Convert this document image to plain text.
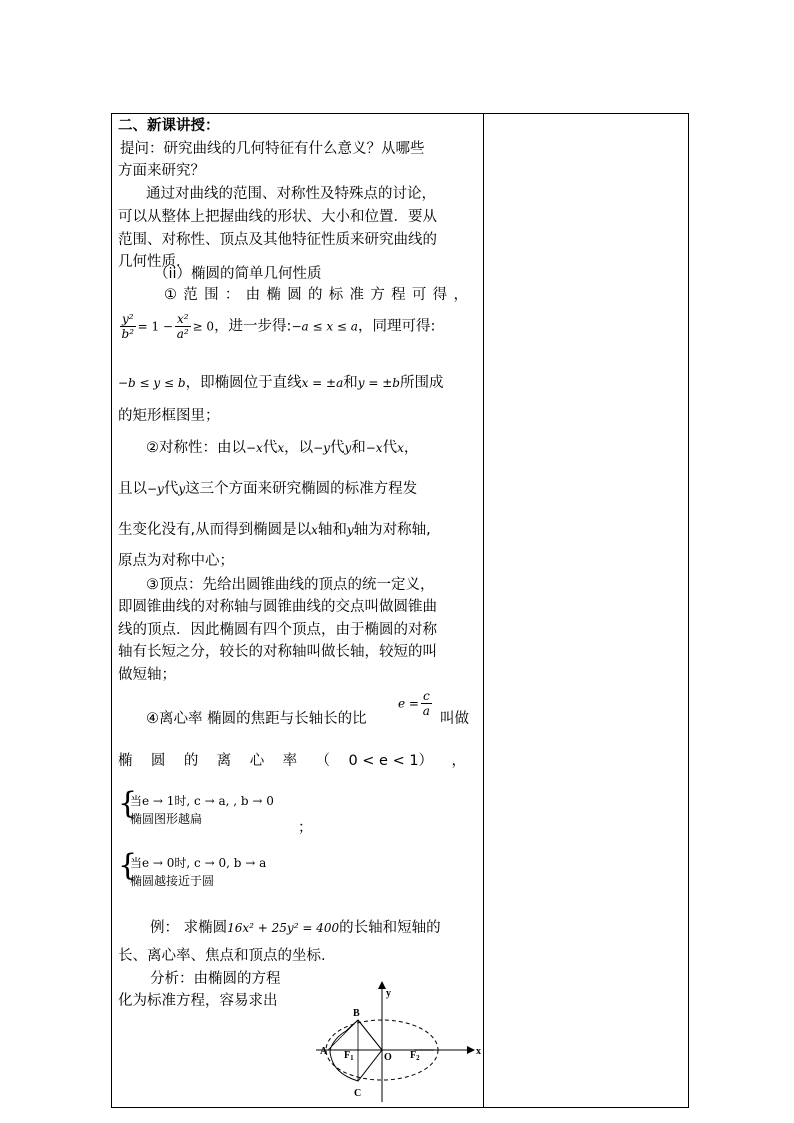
二、新课讲授：
提问：研究曲线的几何特征有什么意义？从哪些
方面来研究？
通过对曲线的范围、对称性及特殊点的讨论，
可以从整体上把握曲线的形状、大小和位置．要从
范围、对称性、顶点及其他特征性质来研究曲线的
几何性质．
（ii）椭圆的简单几何性质
① 范 围 ： 由 椭 圆 的 标 准 方 程 可 得 ，
$\frac{\text{y²}}{\text{b²}} = 1 - \frac{\text{x²}}{\text{a²}} \ge 0$，进一步得:−a ≤ x ≤ a，同理可得:
−b ≤ y ≤ b，即椭圆位于直线x = ±a和y = ±b所围成
的矩形框图里；
②对称性：由以−x代x，以−y代y和−x代x，
且以−y代y这三个方面来研究椭圆的标准方程发
生变化没有,从而得到椭圆是以x轴和y轴为对称轴,
原点为对称中心；
③顶点：先给出圆锥曲线的顶点的统一定义，
即圆锥曲线的对称轴与圆锥曲线的交点叫做圆锥曲
线的顶点．因此椭圆有四个顶点，由于椭圆的对称
轴有长短之分，较长的对称轴叫做长轴，较短的叫
做短轴；
④离心率 椭圆的焦距与长轴长的比
$e = \frac{c}{a}$
叫做
椭 圆 的 离 心 率 （ 0 < e < 1） ，
{
当e → 1时, c → a, , b → 0
椭圆图形越扁
；
{
当e → 0时, c → 0, b → a
椭圆越接近于圆
例： 求椭圆16x² + 25y² = 400的长轴和短轴的
长、离心率、焦点和顶点的坐标.
分析：由椭圆的方程
化为标准方程，容易求出	y
x
O
A
B
C
$F_1$	$F_2$
